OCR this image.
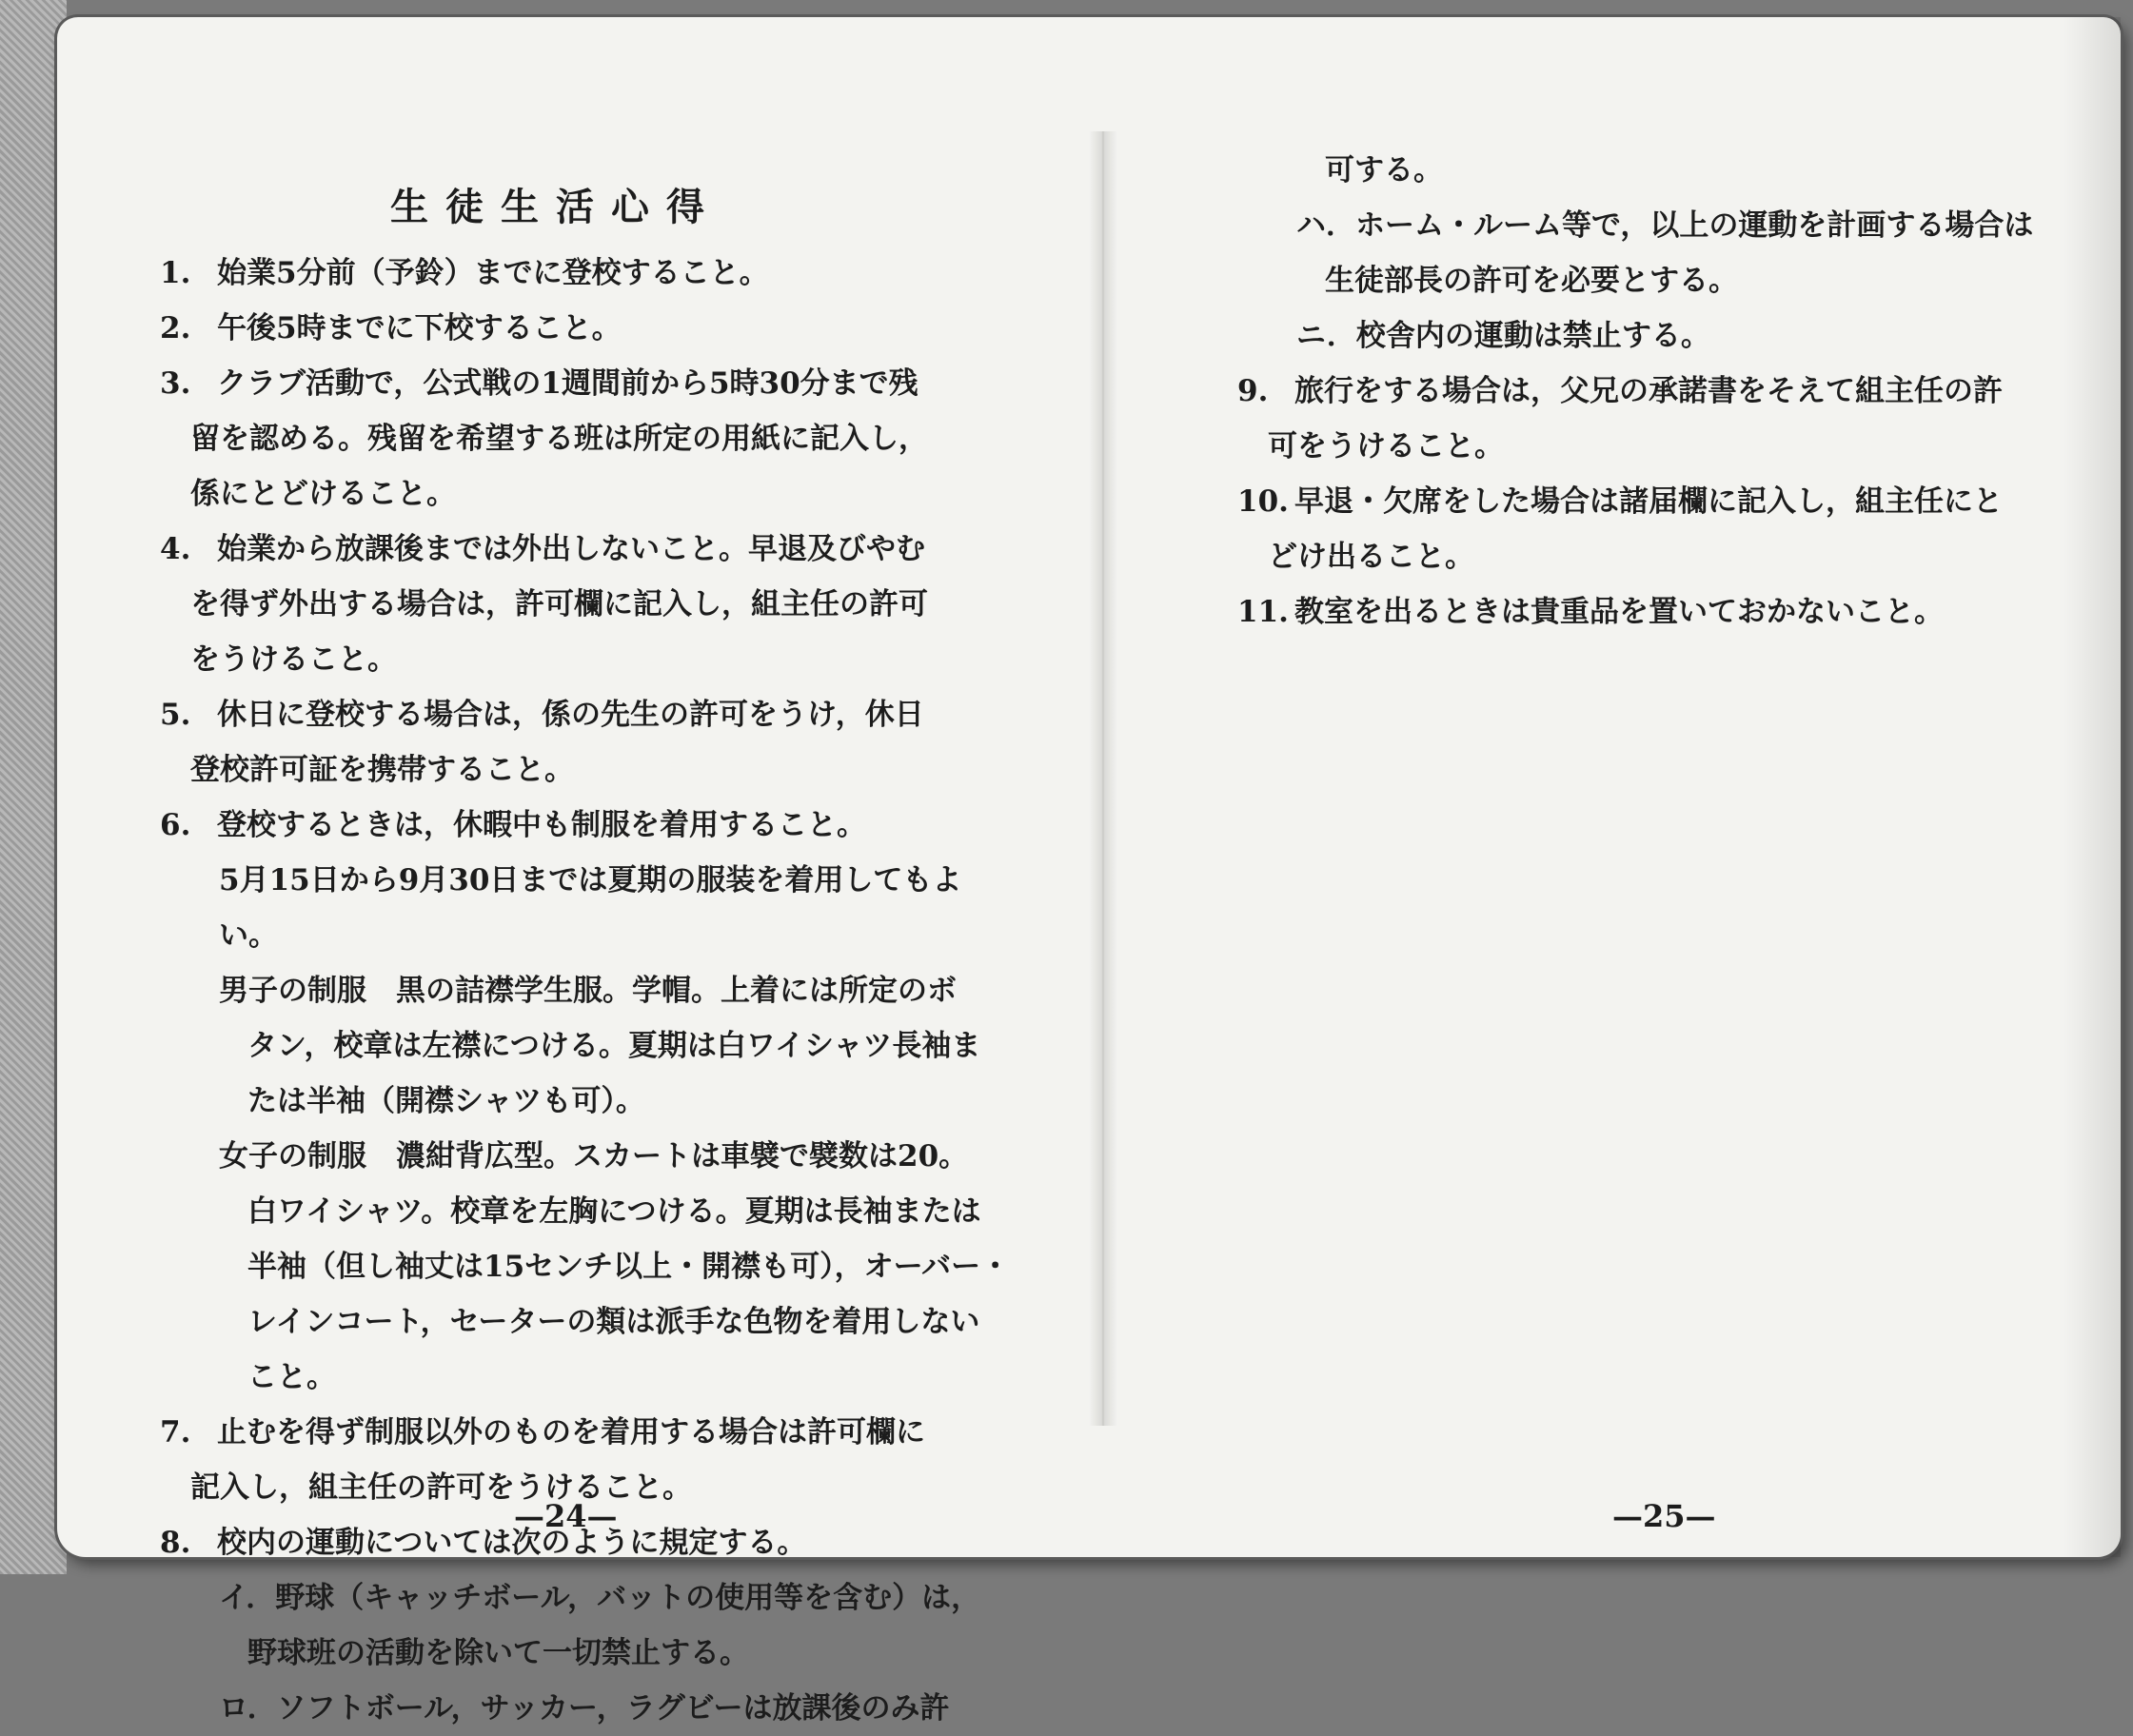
生徒生活心得
1. 始業5分前（予鈴）までに登校すること。
2. 午後5時までに下校すること。
3. クラブ活動で，公式戦の1週間前から5時30分まで残
留を認める。残留を希望する班は所定の用紙に記入し，
係にとどけること。
4. 始業から放課後までは外出しないこと。早退及びやむ
を得ず外出する場合は，許可欄に記入し，組主任の許可
をうけること。
5. 休日に登校する場合は，係の先生の許可をうけ，休日
登校許可証を携帯すること。
6. 登校するときは，休暇中も制服を着用すること。
5月15日から9月30日までは夏期の服装を着用してもよ
い。
男子の制服　黒の詰襟学生服。学帽。上着には所定のボ
タン，校章は左襟につける。夏期は白ワイシャツ長袖ま
たは半袖（開襟シャツも可）。
女子の制服　濃紺背広型。スカートは車襞で襞数は20。
白ワイシャツ。校章を左胸につける。夏期は長袖または
半袖（但し袖丈は15センチ以上・開襟も可），オーバー・
レインコート，セーターの類は派手な色物を着用しない
こと。
7. 止むを得ず制服以外のものを着用する場合は許可欄に
記入し，組主任の許可をうけること。
8. 校内の運動については次のように規定する。
イ．野球（キャッチボール，バットの使用等を含む）は，
野球班の活動を除いて一切禁止する。
ロ．ソフトボール，サッカー，ラグビーは放課後のみ許
—24—
可する。
ハ．ホーム・ルーム等で，以上の運動を計画する場合は
生徒部長の許可を必要とする。
ニ．校舎内の運動は禁止する。
9. 旅行をする場合は，父兄の承諾書をそえて組主任の許
可をうけること。
10. 早退・欠席をした場合は諸届欄に記入し，組主任にと
どけ出ること。
11. 教室を出るときは貴重品を置いておかないこと。
—25—
